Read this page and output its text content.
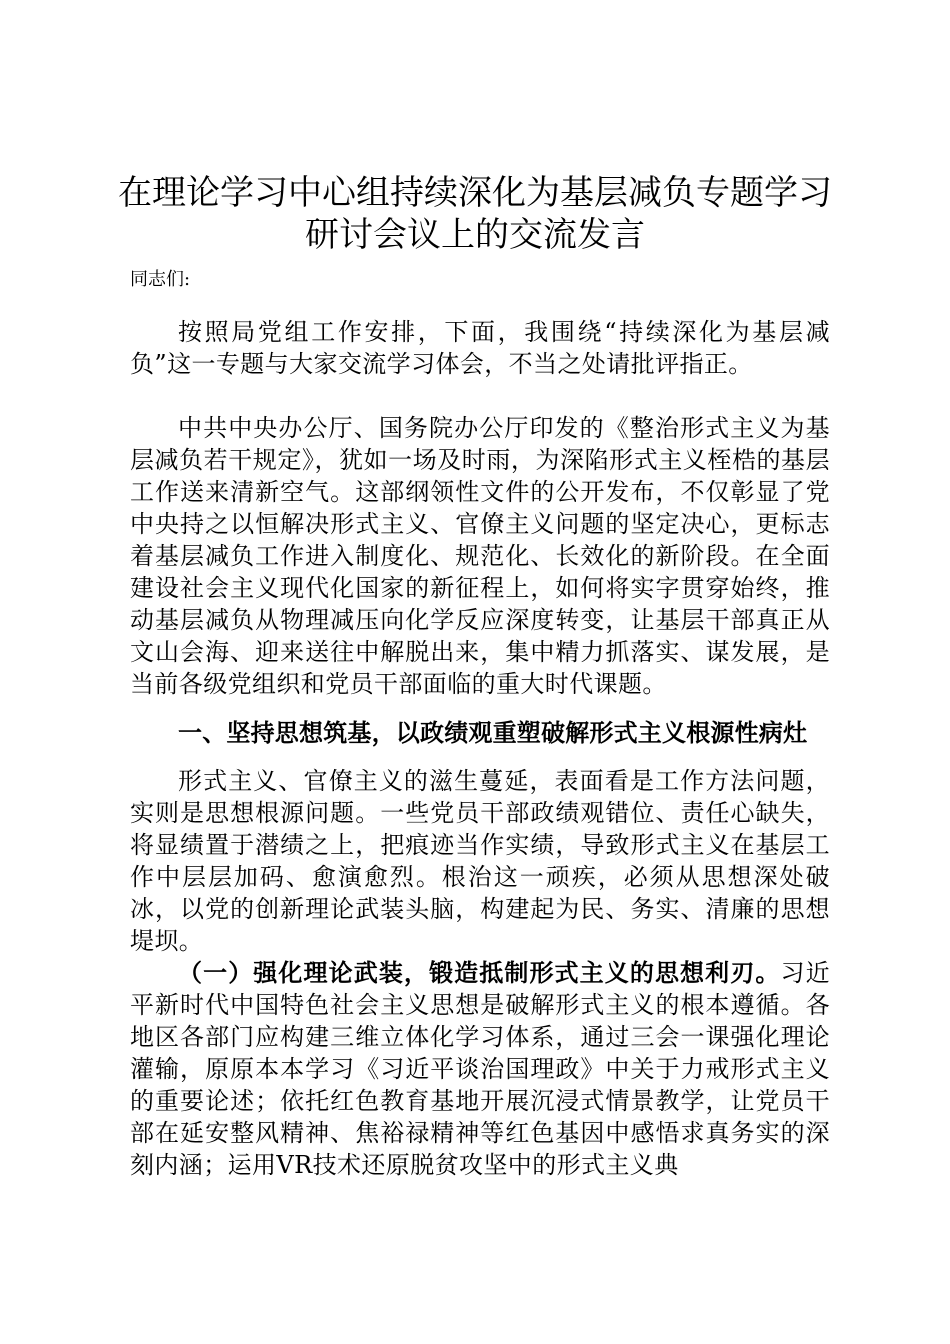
在理论学习中心组持续深化为基层减负专题学习研讨会议上的交流发言

同志们:

按照局党组工作安排，下面，我围绕“持续深化为基层减负”这一专题与大家交流学习体会，不当之处请批评指正。

中共中央办公厅、国务院办公厅印发的《整治形式主义为基层减负若干规定》，犹如一场及时雨，为深陷形式主义桎梏的基层工作送来清新空气。这部纲领性文件的公开发布，不仅彰显了党中央持之以恒解决形式主义、官僚主义问题的坚定决心，更标志着基层减负工作进入制度化、规范化、长效化的新阶段。在全面建设社会主义现代化国家的新征程上，如何将实字贯穿始终，推动基层减负从物理减压向化学反应深度转变，让基层干部真正从文山会海、迎来送往中解脱出来，集中精力抓落实、谋发展，是当前各级党组织和党员干部面临的重大时代课题。

一、坚持思想筑基，以政绩观重塑破解形式主义根源性病灶

形式主义、官僚主义的滋生蔓延，表面看是工作方法问题，实则是思想根源问题。一些党员干部政绩观错位、责任心缺失，将显绩置于潜绩之上，把痕迹当作实绩，导致形式主义在基层工作中层层加码、愈演愈烈。根治这一顽疾，必须从思想深处破冰，以党的创新理论武装头脑，构建起为民、务实、清廉的思想堤坝。

（一）强化理论武装，锻造抵制形式主义的思想利刃。习近平新时代中国特色社会主义思想是破解形式主义的根本遵循。各地区各部门应构建三维立体化学习体系，通过三会一课强化理论灌输，原原本本学习《习近平谈治国理政》中关于力戒形式主义的重要论述；依托红色教育基地开展沉浸式情景教学，让党员干部在延安整风精神、焦裕禄精神等红色基因中感悟求真务实的深刻内涵；运用VR技术还原脱贫攻坚中的形式主义典
